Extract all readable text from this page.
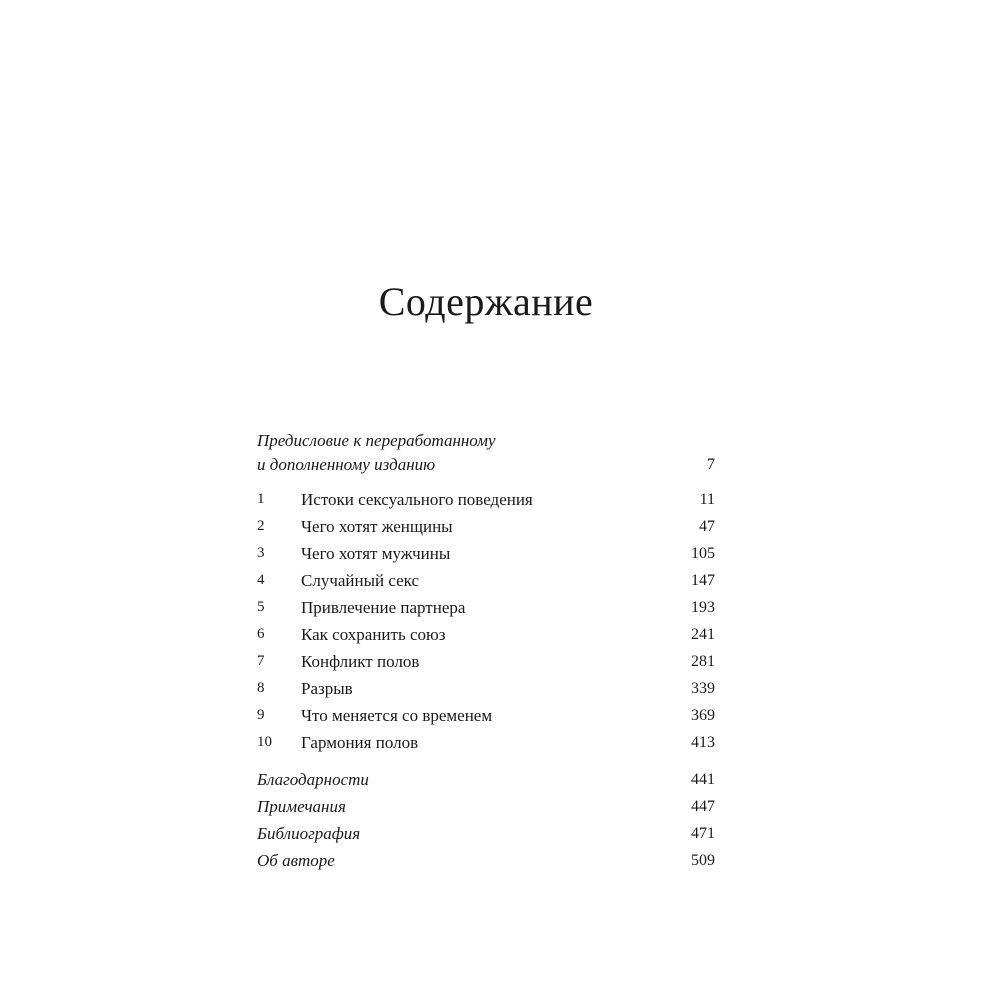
Содержание
Предисловие к переработанному
и дополненному изданию	7
1	Истоки сексуального поведения	11
2	Чего хотят женщины	47
3	Чего хотят мужчины	105
4	Случайный секс	147
5	Привлечение партнера	193
6	Как сохранить союз	241
7	Конфликт полов	281
8	Разрыв	339
9	Что меняется со временем	369
10 Гармония полов	413
Благодарности	441
Примечания	447
Библиография	471
Об авторе	509
